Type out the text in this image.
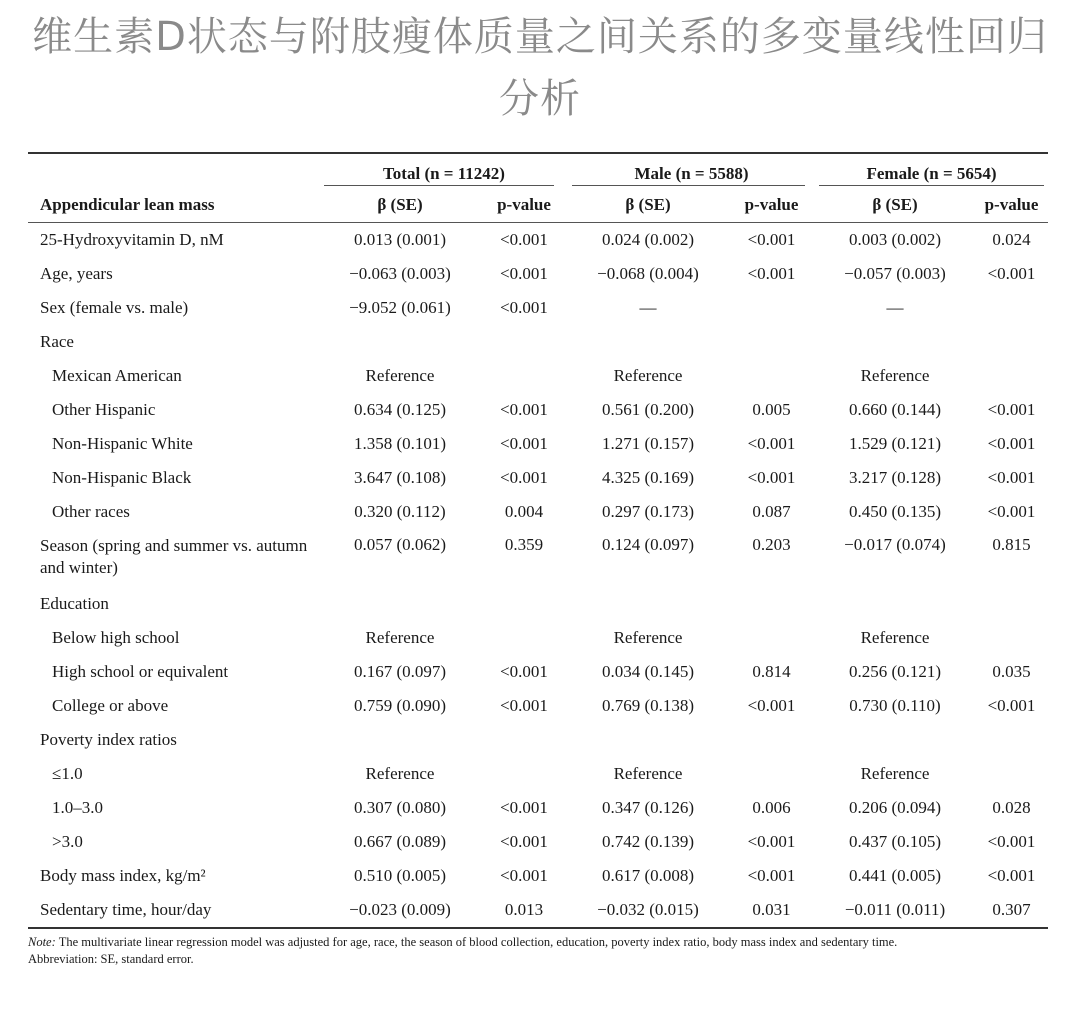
维生素D状态与附肢瘦体质量之间关系的多变量线性回归分析
	Total (n = 11242)		Male (n = 5588)		Female (n = 5654)	

Appendicular lean mass	β (SE)	p-value	β (SE)	p-value	β (SE)	p-value
25-Hydroxyvitamin D, nM	0.013 (0.001)	<0.001	0.024 (0.002)	<0.001	0.003 (0.002)	0.024
Age, years	−0.063 (0.003)	<0.001	−0.068 (0.004)	<0.001	−0.057 (0.003)	<0.001
Sex (female vs. male)	−9.052 (0.061)	<0.001	—		—	
Race						
Mexican American	Reference		Reference		Reference	
Other Hispanic	0.634 (0.125)	<0.001	0.561 (0.200)	0.005	0.660 (0.144)	<0.001
Non-Hispanic White	1.358 (0.101)	<0.001	1.271 (0.157)	<0.001	1.529 (0.121)	<0.001
Non-Hispanic Black	3.647 (0.108)	<0.001	4.325 (0.169)	<0.001	3.217 (0.128)	<0.001
Other races	0.320 (0.112)	0.004	0.297 (0.173)	0.087	0.450 (0.135)	<0.001
Season (spring and summer vs. autumn and winter)	0.057 (0.062)	0.359	0.124 (0.097)	0.203	−0.017 (0.074)	0.815
Education						
Below high school	Reference		Reference		Reference	
High school or equivalent	0.167 (0.097)	<0.001	0.034 (0.145)	0.814	0.256 (0.121)	0.035
College or above	0.759 (0.090)	<0.001	0.769 (0.138)	<0.001	0.730 (0.110)	<0.001
Poverty index ratios						
≤1.0	Reference		Reference		Reference	
1.0–3.0	0.307 (0.080)	<0.001	0.347 (0.126)	0.006	0.206 (0.094)	0.028
>3.0	0.667 (0.089)	<0.001	0.742 (0.139)	<0.001	0.437 (0.105)	<0.001
Body mass index, kg/m²	0.510 (0.005)	<0.001	0.617 (0.008)	<0.001	0.441 (0.005)	<0.001
Sedentary time, hour/day	−0.023 (0.009)	0.013	−0.032 (0.015)	0.031	−0.011 (0.011)	0.307
Note: The multivariate linear regression model was adjusted for age, race, the season of blood collection, education, poverty index ratio, body mass index and sedentary time.
Abbreviation: SE, standard error.
